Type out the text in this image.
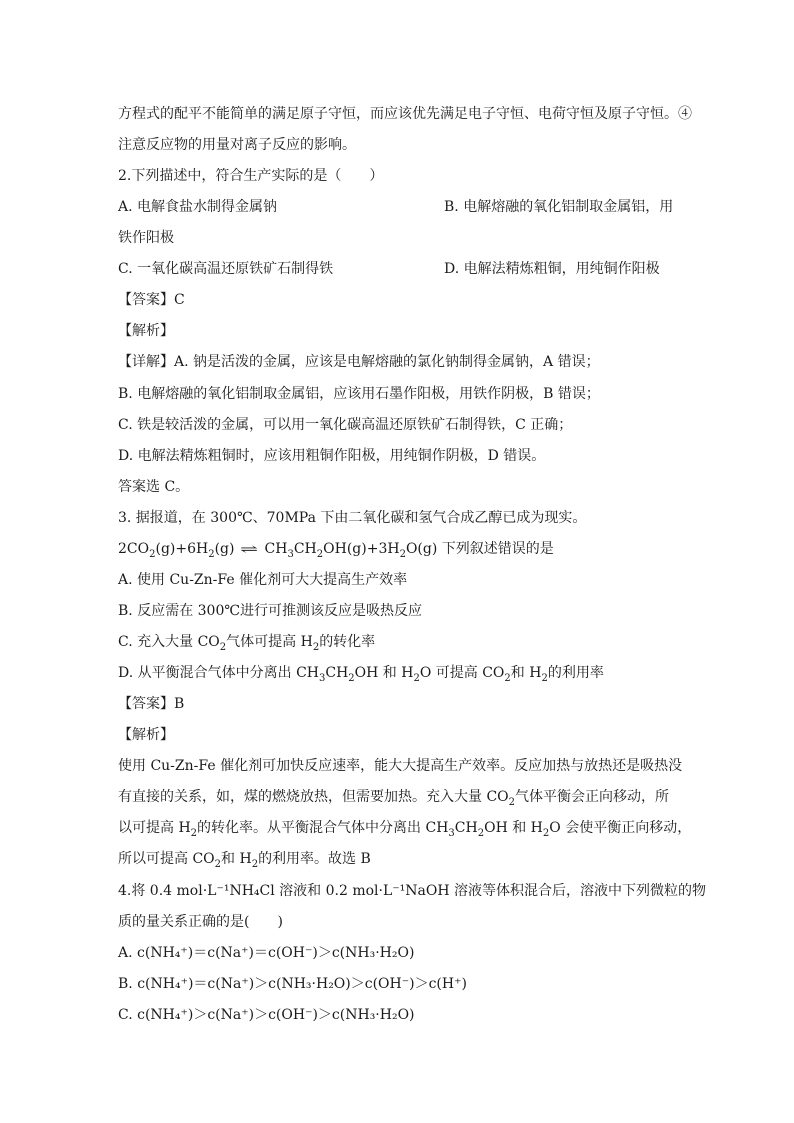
方程式的配平不能简单的满足原子守恒，而应该优先满足电子守恒、电荷守恒及原子守恒。④
注意反应物的用量对离子反应的影响。
2.下列描述中，符合生产实际的是（　　）
A. 电解食盐水制得金属钠	B. 电解熔融的氧化铝制取金属铝，用
铁作阳极
C. 一氧化碳高温还原铁矿石制得铁	D. 电解法精炼粗铜，用纯铜作阳极
【答案】C
【解析】
【详解】A. 钠是活泼的金属，应该是电解熔融的氯化钠制得金属钠，A 错误；
B. 电解熔融的氧化铝制取金属铝，应该用石墨作阳极，用铁作阴极，B 错误；
C. 铁是较活泼的金属，可以用一氧化碳高温还原铁矿石制得铁，C 正确；
D. 电解法精炼粗铜时，应该用粗铜作阳极，用纯铜作阴极，D 错误。
答案选 C。
3. 据报道，在 300℃、70MPa 下由二氧化碳和氢气合成乙醇已成为现实。
$2CO_2(g)+6H_2(g)$ ⇌ $CH_3CH_2OH(g)+3H_2O(g)$ 下列叙述错误的是
A. 使用 Cu-Zn-Fe 催化剂可大大提高生产效率
B. 反应需在 300℃进行可推测该反应是吸热反应
C. 充入大量 $CO_2$气体可提高 $H_2$的转化率
D. 从平衡混合气体中分离出 $CH_3CH_2OH$ 和 $H_2O$ 可提高 $CO_2$和 $H_2$的利用率
【答案】B
【解析】
使用 Cu-Zn-Fe 催化剂可加快反应速率，能大大提高生产效率。反应加热与放热还是吸热没
有直接的关系，如，煤的燃烧放热，但需要加热。充入大量 $CO_2$气体平衡会正向移动，所
以可提高 $H_2$的转化率。从平衡混合气体中分离出 $CH_3CH_2OH$ 和 $H_2O$ 会使平衡正向移动，
所以可提高 $CO_2$和 $H_2$的利用率。故选 B
4.将 0.4 mol·L⁻¹NH₄Cl 溶液和 0.2 mol·L⁻¹NaOH 溶液等体积混合后，溶液中下列微粒的物
质的量关系正确的是(　　)
A. c(NH₄⁺)＝c(Na⁺)＝c(OH⁻)＞c(NH₃·H₂O)
B. c(NH₄⁺)＝c(Na⁺)＞c(NH₃·H₂O)＞c(OH⁻)＞c(H⁺)
C. c(NH₄⁺)＞c(Na⁺)＞c(OH⁻)＞c(NH₃·H₂O)
